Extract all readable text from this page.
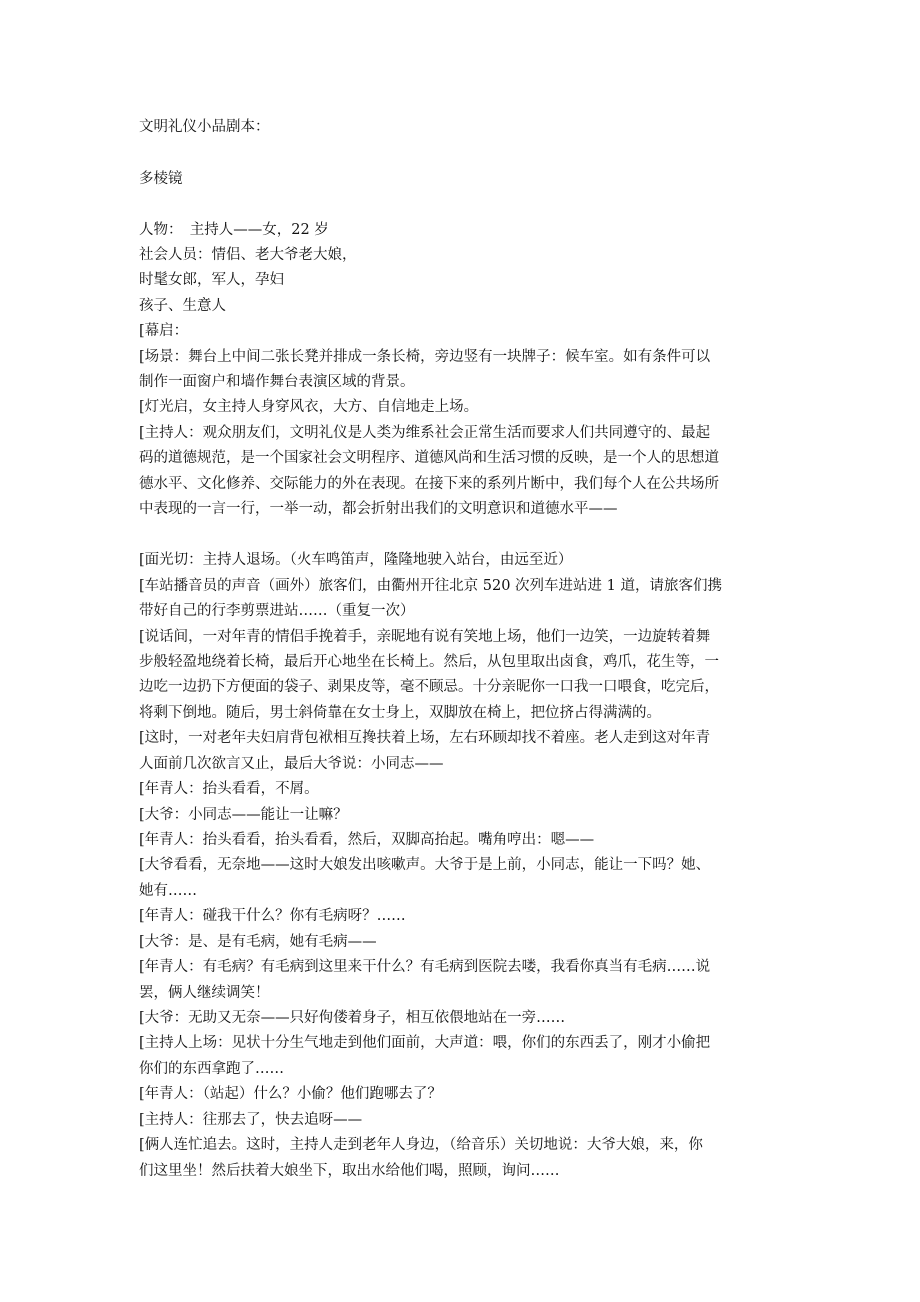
文明礼仪小品剧本：
多棱镜
人物：　主持人——女，22 岁
社会人员：情侣、老大爷老大娘，
时髦女郎，军人，孕妇
孩子、生意人
[幕启：
[场景：舞台上中间二张长凳并排成一条长椅，旁边竖有一块牌子：候车室。如有条件可以
制作一面窗户和墙作舞台表演区域的背景。
[灯光启，女主持人身穿风衣，大方、自信地走上场。
[主持人：观众朋友们，文明礼仪是人类为维系社会正常生活而要求人们共同遵守的、最起
码的道德规范，是一个国家社会文明程序、道德风尚和生活习惯的反映，是一个人的思想道
德水平、文化修养、交际能力的外在表现。在接下来的系列片断中，我们每个人在公共场所
中表现的一言一行，一举一动，都会折射出我们的文明意识和道德水平——
[面光切：主持人退场。（火车鸣笛声，隆隆地驶入站台，由远至近）
[车站播音员的声音（画外）旅客们，由衢州开往北京 520 次列车进站进 1 道，请旅客们携
带好自己的行李剪票进站……（重复一次）
[说话间，一对年青的情侣手挽着手，亲昵地有说有笑地上场，他们一边笑，一边旋转着舞
步般轻盈地绕着长椅，最后开心地坐在长椅上。然后，从包里取出卤食，鸡爪，花生等，一
边吃一边扔下方便面的袋子、剥果皮等，毫不顾忌。十分亲昵你一口我一口喂食，吃完后，
将剩下倒地。随后，男士斜倚靠在女士身上，双脚放在椅上，把位挤占得满满的。
[这时，一对老年夫妇肩背包袱相互搀扶着上场，左右环顾却找不着座。老人走到这对年青
人面前几次欲言又止，最后大爷说：小同志——
[年青人：抬头看看，不屑。
[大爷：小同志——能让一让嘛？
[年青人：抬头看看，抬头看看，然后，双脚高抬起。嘴角哼出：嗯——
[大爷看看，无奈地——这时大娘发出咳嗽声。大爷于是上前，小同志，能让一下吗？她、
她有……
[年青人：碰我干什么？你有毛病呀？……
[大爷：是、是有毛病，她有毛病——
[年青人：有毛病？有毛病到这里来干什么？有毛病到医院去喽，我看你真当有毛病……说
罢，俩人继续调笑！
[大爷：无助又无奈——只好佝偻着身子，相互依偎地站在一旁……
[主持人上场：见状十分生气地走到他们面前，大声道：喂，你们的东西丢了，刚才小偷把
你们的东西拿跑了……
[年青人：（站起）什么？小偷？他们跑哪去了？
[主持人：往那去了，快去追呀——
[俩人连忙追去。这时，主持人走到老年人身边，（给音乐）关切地说：大爷大娘，来，你
们这里坐！然后扶着大娘坐下，取出水给他们喝，照顾，询问……
